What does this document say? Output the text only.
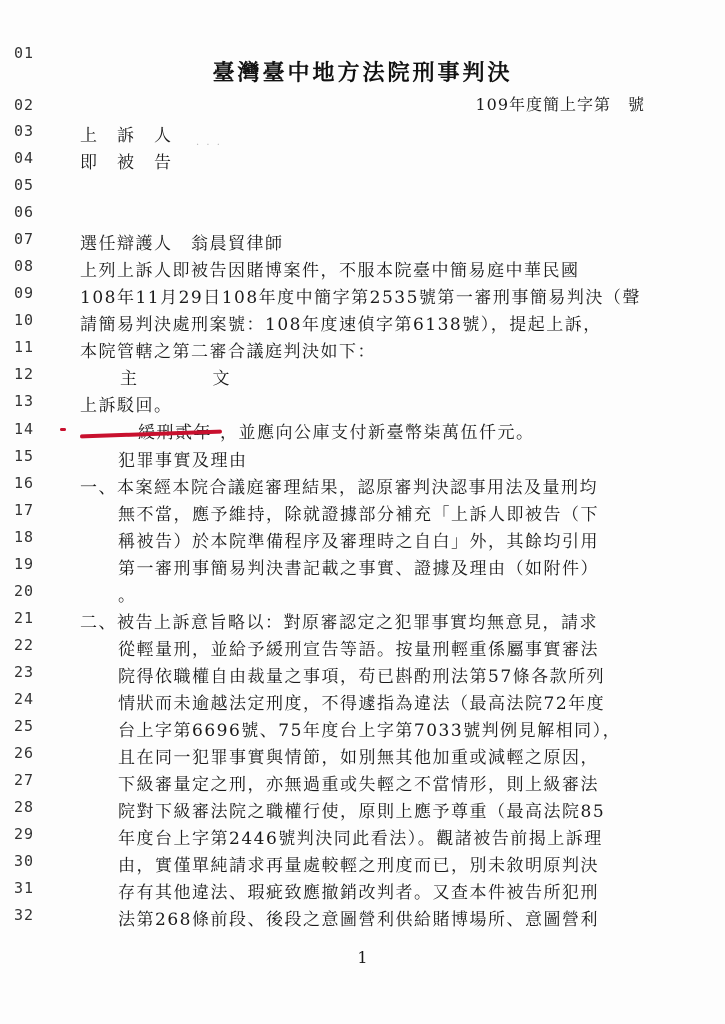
01
02
03
04
05
06
07
08
09
10
11
12
13
14
15
16
17
18
19
20
21
22
23
24
25
26
27
28
29
30
31
32
臺灣臺中地方法院刑事判決
109年度簡上字第　號
上　訴　人
即　被　告
· · ·
選任辯護人　翁晨貿律師
上列上訴人即被告因賭博案件，不服本院臺中簡易庭中華民國
108年11月29日108年度中簡字第2535號第一審刑事簡易判決（聲
請簡易判決處刑案號：108年度速偵字第6138號），提起上訴，
本院管轄之第二審合議庭判決如下：
主　　　　文
上訴駁回。
，並應向公庫支付新臺幣柒萬伍仟元。
犯罪事實及理由
一、本案經本院合議庭審理結果，認原審判決認事用法及量刑均
無不當，應予維持，除就證據部分補充「上訴人即被告（下
稱被告）於本院準備程序及審理時之自白」外，其餘均引用
第一審刑事簡易判決書記載之事實、證據及理由（如附件）
。
二、被告上訴意旨略以：對原審認定之犯罪事實均無意見，請求
從輕量刑，並給予緩刑宣告等語。按量刑輕重係屬事實審法
院得依職權自由裁量之事項，苟已斟酌刑法第57條各款所列
情狀而未逾越法定刑度，不得遽指為違法（最高法院72年度
台上字第6696號、75年度台上字第7033號判例見解相同），
且在同一犯罪事實與情節，如別無其他加重或減輕之原因，
下級審量定之刑，亦無過重或失輕之不當情形，則上級審法
院對下級審法院之職權行使，原則上應予尊重（最高法院85
年度台上字第2446號判決同此看法）。觀諸被告前揭上訴理
由，實僅單純請求再量處較輕之刑度而已，別未敘明原判決
存有其他違法、瑕疵致應撤銷改判者。又查本件被告所犯刑
法第268條前段、後段之意圖營利供給賭博場所、意圖營利
1
